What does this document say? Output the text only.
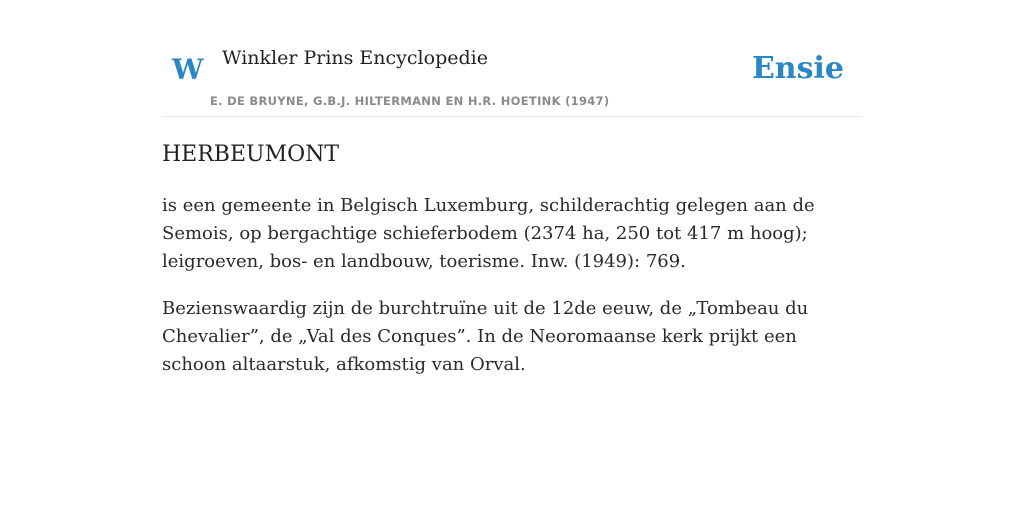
W Winkler Prins Encyclopedie
E. DE BRUYNE, G.B.J. HILTERMANN EN H.R. HOETINK (1947)
Ensie
HERBEUMONT

is een gemeente in Belgisch Luxemburg, schilderachtig gelegen aan de Semois, op bergachtige schieferbodem (2374 ha, 250 tot 417 m hoog); leigroeven, bos- en landbouw, toerisme. Inw. (1949): 769.

Bezienswaardig zijn de burchtruïne uit de 12de eeuw, de „Tombeau du Chevalier”, de „Val des Conques”. In de Neoromaanse kerk prijkt een schoon altaarstuk, afkomstig van Orval.
